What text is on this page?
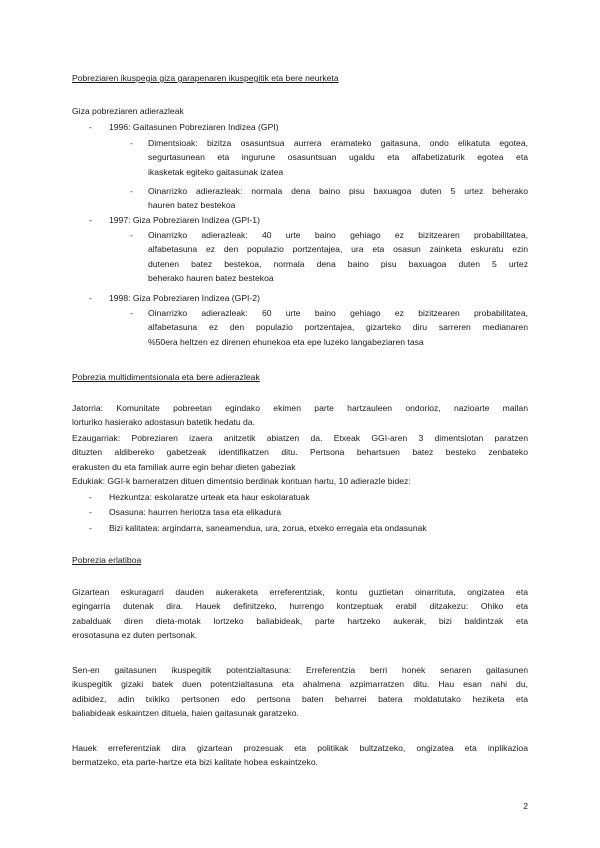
Pobreziaren ikuspegia giza garapenaren ikuspegitik eta bere neurketa
Giza pobreziaren adierazleak
- 1996: Gaitasunen Pobreziaren Indizea (GPI)
- Dimentsioak: bizitza osasuntsua aurrera eramateko gaitasuna, ondo elikatuta egotea,
segurtasunean eta ingurune osasuntsuan ugaldu eta alfabetizaturik egotea eta
ikasketak egiteko gaitasunak izatea
- Oinarrizko adierazleak: normala dena baino pisu baxuagoa duten 5 urtez beherako
hauren batez bestekoa
- 1997: Giza Pobreziaren Indizea (GPI-1)
- Oinarrizko adierazleak: 40 urte baino gehiago ez bizitzearen probabilitatea,
alfabetasuna ez den populazio portzentajea, ura eta osasun zainketa eskuratu ezin
dutenen batez bestekoa, normala dena baino pisu baxuagoa duten 5 urtez
beherako hauren batez bestekoa
- 1998: Giza Pobreziaren Indizea (GPI-2)
- Oinarrizko adierazleak: 60 urte baino gehiago ez bizitzearen probabilitatea,
alfabetasuna ez den populazio portzentajea, gizarteko diru sarreren medianaren
%50era heltzen ez direnen ehunekoa eta epe luzeko langabeziaren tasa
Pobrezia multidimentsionala eta bere adierazleak
Jatorria: Komunitate pobreetan egindako ekimen parte hartzauleen ondorioz, nazioarte mailan
lorturiko hasierako adostasun batetik hedatu da.
Ezaugarriak: Pobreziaren izaera anitzetik abiatzen da. Etxeak GGI-aren 3 dimentsiotan paratzen
dituzten aldibereko gabetzeak identifikatzen ditu. Pertsona behartsuen batez besteko zenbateko
erakusten du eta familiak aurre egin behar dieten gabeziak
Edukiak: GGI-k barneratzen dituen dimentsio berdinak kontuan hartu, 10 adierazle bidez:
- Hezkuntza: eskolaratze urteak eta haur eskolaratuak
- Osasuna: haurren heriotza tasa eta elikadura
- Bizi kalitatea: argindarra, saneamendua, ura, zorua, etxeko erregaia eta ondasunak
Pobrezia erlatiboa
Gizartean eskuragarri dauden aukeraketa erreferentziak, kontu guztietan oinarrituta, ongizatea eta
egingarria dutenak dira. Hauek definitzeko, hurrengo kontzeptuak erabil ditzakezu: Ohiko eta
zabalduak diren dieta-motak lortzeko baliabideak, parte hartzeko aukerak, bizi baldintzak eta
erosotasuna ez duten pertsonak.
Sen-en gaitasunen ikuspegitik potentzialtasuna: Erreferentzia berri honek senaren gaitasunen
ikuspegitik gizaki batek duen potentzialtasuna eta ahalmena azpimarratzen ditu. Hau esan nahi du,
adibidez, adin txikiko pertsonen edo pertsona baten beharrei batera moldatutako heziketa eta
baliabideak eskaintzen dituela, haien gaitasunak garatzeko.
Hauek erreferentziak dira gizartean prozesuak eta politikak bultzatzeko, ongizatea eta inplikazioa
bermatzeko, eta parte-hartze eta bizi kalitate hobea eskaintzeko.
2
